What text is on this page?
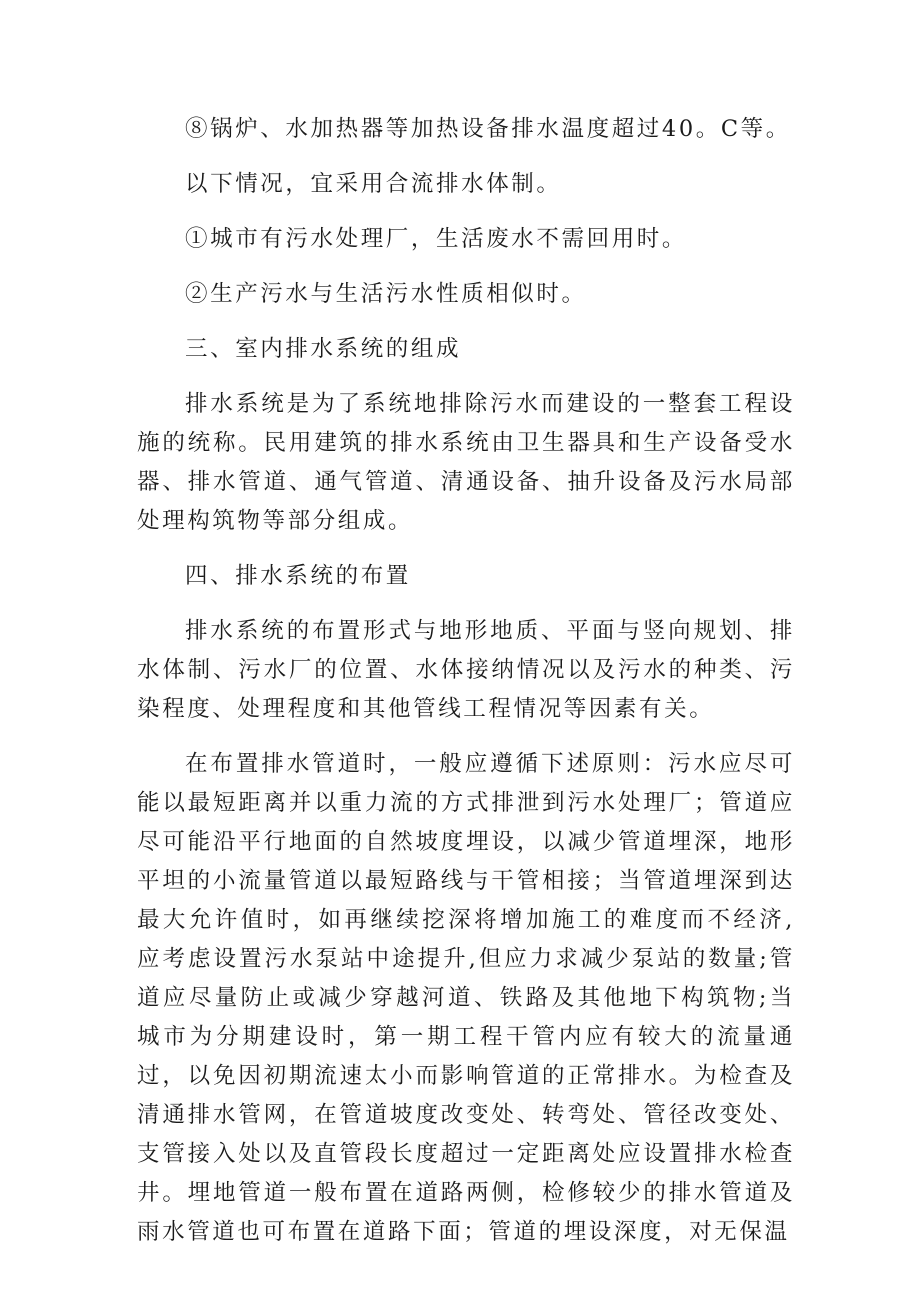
⑧锅炉、水加热器等加热设备排水温度超过40。C等。

以下情况，宜采用合流排水体制。

①城市有污水处理厂，生活废水不需回用时。

②生产污水与生活污水性质相似时。

三、室内排水系统的组成

排水系统是为了系统地排除污水而建设的一整套工程设施的统称。民用建筑的排水系统由卫生器具和生产设备受水器、排水管道、通气管道、清通设备、抽升设备及污水局部处理构筑物等部分组成。

四、排水系统的布置

排水系统的布置形式与地形地质、平面与竖向规划、排水体制、污水厂的位置、水体接纳情况以及污水的种类、污染程度、处理程度和其他管线工程情况等因素有关。

在布置排水管道时，一般应遵循下述原则：污水应尽可能以最短距离并以重力流的方式排泄到污水处理厂；管道应尽可能沿平行地面的自然坡度埋设，以减少管道埋深，地形平坦的小流量管道以最短路线与干管相接；当管道埋深到达最大允许值时，如再继续挖深将增加施工的难度而不经济,应考虑设置污水泵站中途提升,但应力求减少泵站的数量;管道应尽量防止或减少穿越河道、铁路及其他地下构筑物;当城市为分期建设时，第一期工程干管内应有较大的流量通过，以免因初期流速太小而影响管道的正常排水。为检查及清通排水管网，在管道坡度改变处、转弯处、管径改变处、支管接入处以及直管段长度超过一定距离处应设置排水检查井。埋地管道一般布置在道路两侧，检修较少的排水管道及雨水管道也可布置在道路下面；管道的埋设深度，对无保温
